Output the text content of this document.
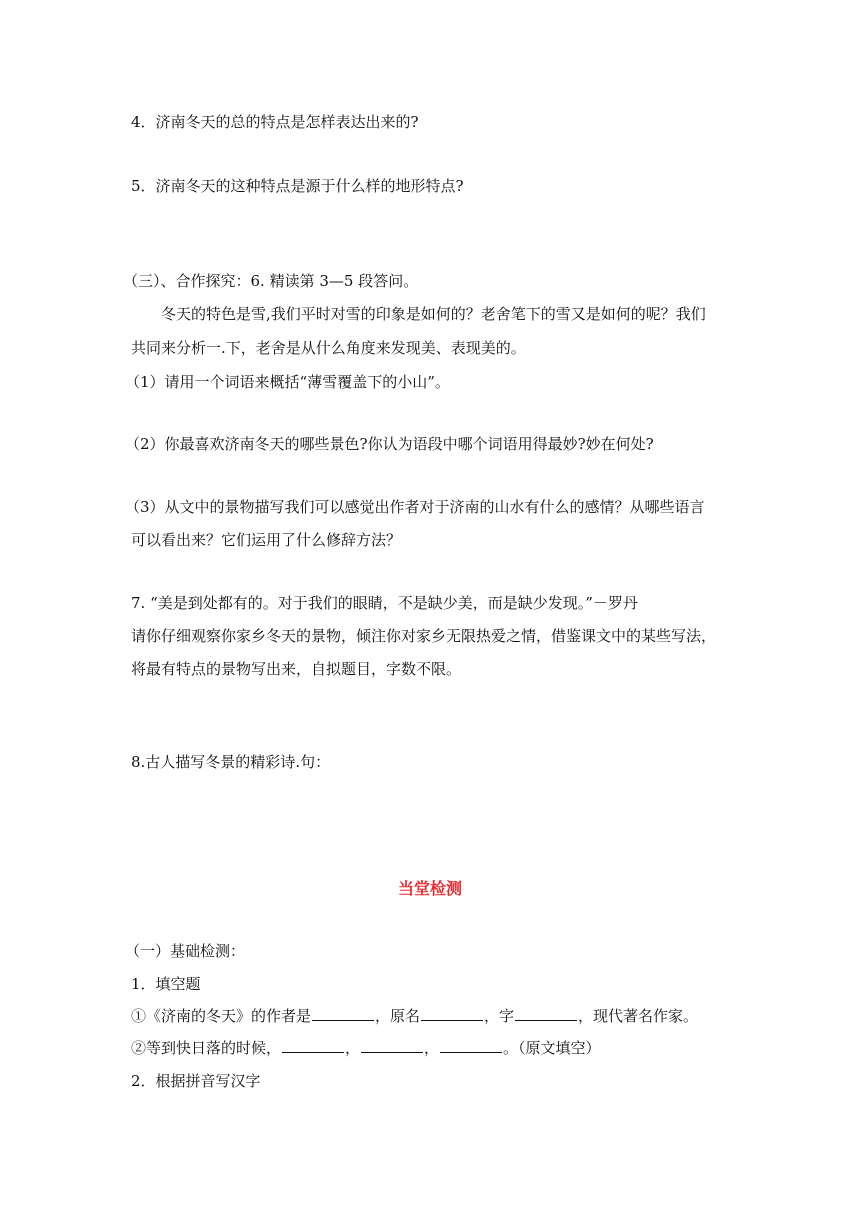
4．济南冬天的总的特点是怎样表达出来的?
5．济南冬天的这种特点是源于什么样的地形特点?
（三）、合作探究：6. 精读第 3—5 段答问。
冬天的特色是雪,我们平时对雪的印象是如何的？老舍笔下的雪又是如何的呢？我们
共同来分析一.下，老舍是从什么角度来发现美、表现美的。
（1）请用一个词语来概括“薄雪覆盖下的小山”。
（2）你最喜欢济南冬天的哪些景色?你认为语段中哪个词语用得最妙?妙在何处?
（3）从文中的景物描写我们可以感觉出作者对于济南的山水有什么的感情？从哪些语言
可以看出来？它们运用了什么修辞方法？
7. “美是到处都有的。对于我们的眼睛，不是缺少美，而是缺少发现。”－罗丹
请你仔细观察你家乡冬天的景物，倾注你对家乡无限热爱之情，借鉴课文中的某些写法，
将最有特点的景物写出来，自拟题目，字数不限。
8.古人描写冬景的精彩诗.句：
当堂检测
（一）基础检测：
1．填空题
①《济南的冬天》的作者是	，原名	，字	，现代著名作家。
②等到快日落的时候，	，	，	。（原文填空）
2．根据拼音写汉字
